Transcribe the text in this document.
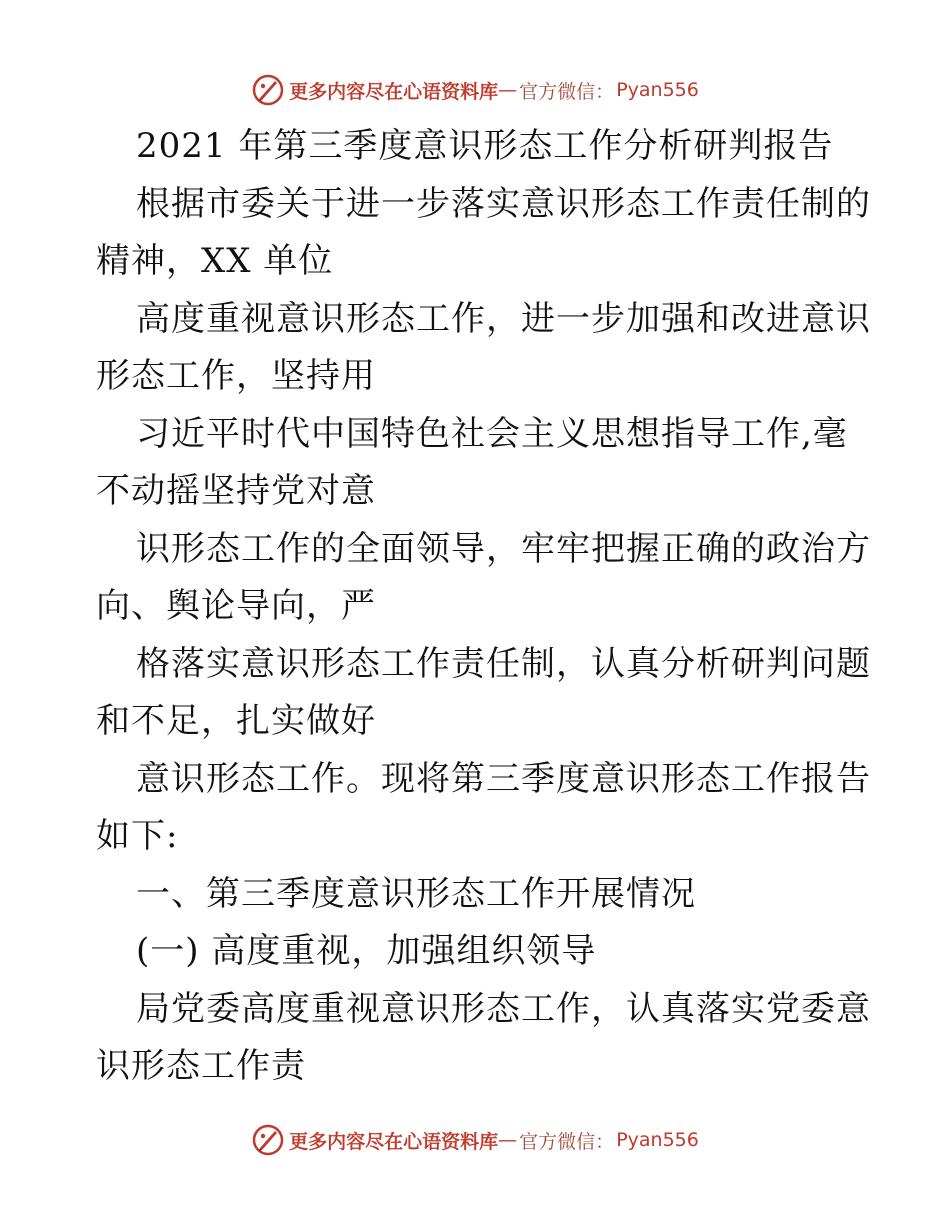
更多内容尽在心语资料库 — 官方微信： Pyan556
2021 年第三季度意识形态工作分析研判报告
根据市委关于进一步落实意识形态工作责任制的
精神，XX 单位
高度重视意识形态工作，进一步加强和改进意识
形态工作，坚持用
习近平时代中国特色社会主义思想指导工作,毫
不动摇坚持党对意
识形态工作的全面领导，牢牢把握正确的政治方
向、舆论导向，严
格落实意识形态工作责任制，认真分析研判问题
和不足，扎实做好
意识形态工作。现将第三季度意识形态工作报告
如下:
一、第三季度意识形态工作开展情况
(一) 高度重视，加强组织领导
局党委高度重视意识形态工作，认真落实党委意
识形态工作责
更多内容尽在心语资料库 — 官方微信： Pyan556
